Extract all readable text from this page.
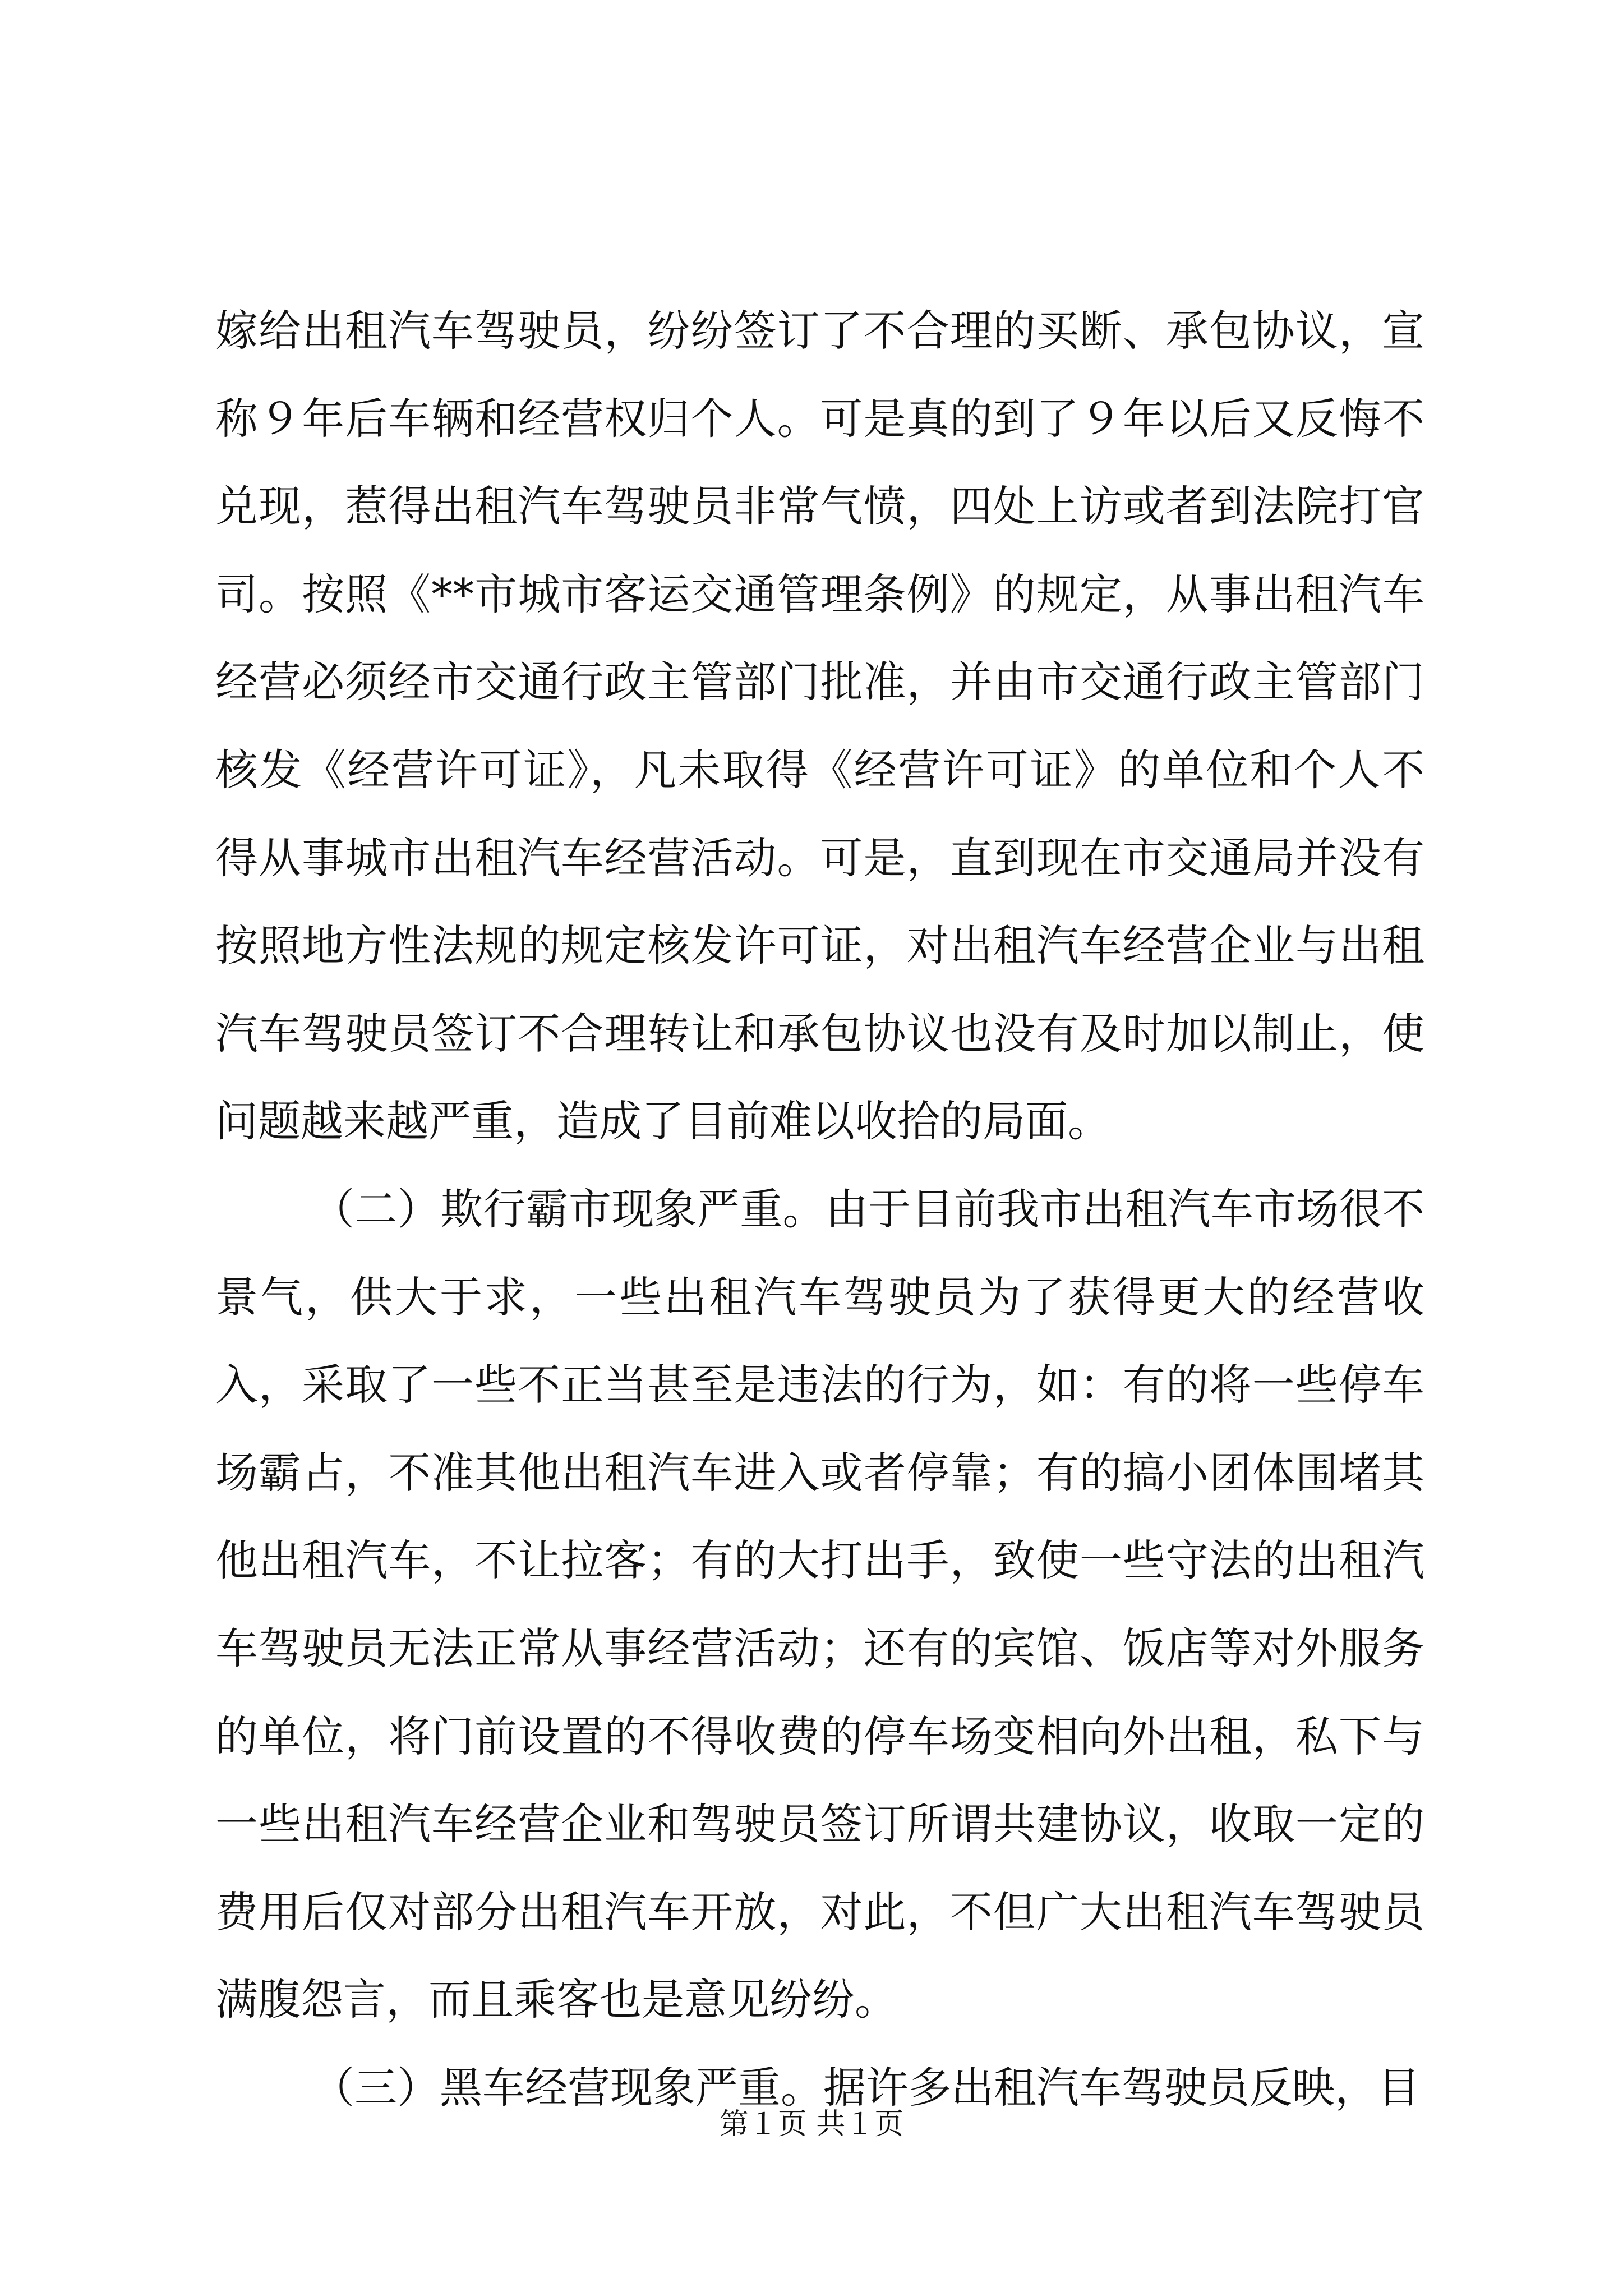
嫁给出租汽车驾驶员，纷纷签订了不合理的买断、承包协议，宣称９年后车辆和经营权归个人。可是真的到了９年以后又反悔不兑现，惹得出租汽车驾驶员非常气愤，四处上访或者到法院打官司。按照《**市城市客运交通管理条例》的规定，从事出租汽车经营必须经市交通行政主管部门批准，并由市交通行政主管部门核发《经营许可证》，凡未取得《经营许可证》的单位和个人不得从事城市出租汽车经营活动。可是，直到现在市交通局并没有按照地方性法规的规定核发许可证，对出租汽车经营企业与出租汽车驾驶员签订不合理转让和承包协议也没有及时加以制止，使问题越来越严重，造成了目前难以收拾的局面。

（二）欺行霸市现象严重。由于目前我市出租汽车市场很不景气，供大于求，一些出租汽车驾驶员为了获得更大的经营收入，采取了一些不正当甚至是违法的行为，如：有的将一些停车场霸占，不准其他出租汽车进入或者停靠；有的搞小团体围堵其他出租汽车，不让拉客；有的大打出手，致使一些守法的出租汽车驾驶员无法正常从事经营活动；还有的宾馆、饭店等对外服务的单位，将门前设置的不得收费的停车场变相向外出租，私下与一些出租汽车经营企业和驾驶员签订所谓共建协议，收取一定的费用后仅对部分出租汽车开放，对此，不但广大出租汽车驾驶员满腹怨言，而且乘客也是意见纷纷。

（三）黑车经营现象严重。据许多出租汽车驾驶员反映，目

第１页 共１页
